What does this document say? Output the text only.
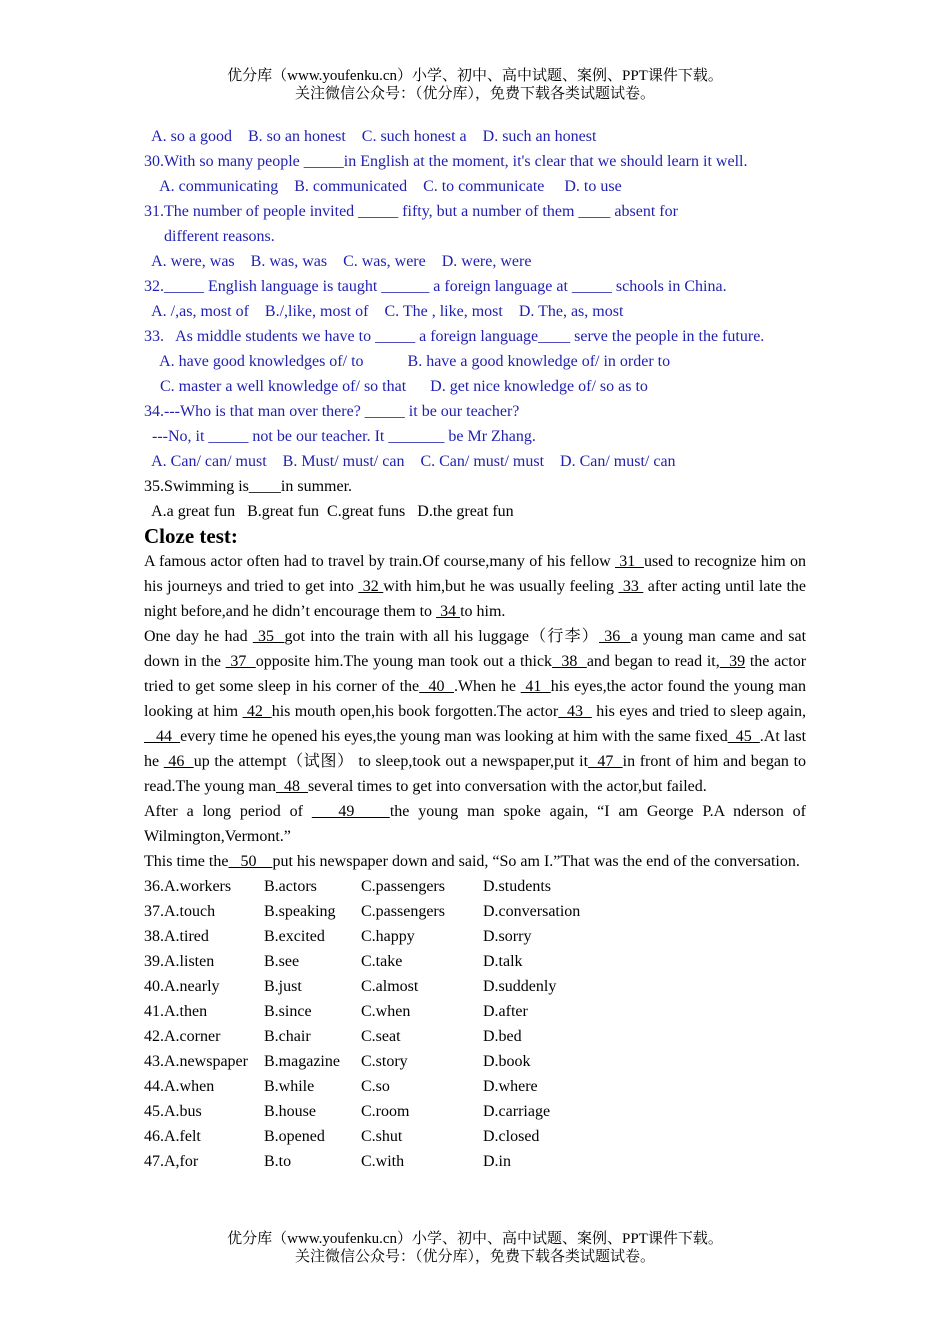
优分库（www.youfenku.cn）小学、初中、高中试题、案例、PPT课件下载。
关注微信公众号：（优分库），免费下载各类试题试卷。
A. so a good    B. so an honest    C. such honest a    D. such an honest
30.With so many people _____in English at the moment, it's clear that we should learn it well.
A. communicating    B. communicated    C. to communicate     D. to use
31.The number of people invited _____ fifty, but a number of them ____ absent for
different reasons.
A. were, was    B. was, was    C. was, were    D. were, were
32._____ English language is taught ______ a foreign language at _____ schools in China.
A. /,as, most of    B./,like, most of    C. The , like, most    D. The, as, most
33.   As middle students we have to _____ a foreign language____ serve the people in the future.
A. have good knowledges of/ to           B. have a good knowledge of/ in order to
C. master a well knowledge of/ so that      D. get nice knowledge of/ so as to
34.---Who is that man over there? _____ it be our teacher?
---No, it _____ not be our teacher. It _______ be Mr Zhang.
A. Can/ can/ must    B. Must/ must/ can    C. Can/ must/ must    D. Can/ must/ can
35.Swimming is____in summer.
A.a great fun   B.great fun  C.great funs   D.the great fun
Cloze test:
A famous actor often had to travel by train.Of course,many of his fellow  31  used to recognize him on his journeys and tried to get into  32 with him,but he was usually feeling  33  after acting until late the night before,and he didn’t encourage them to  34 to him.
One day he had  35  got into the train with all his luggage（行李） 36  a young man came and sat down in the  37  opposite him.The young man took out a thick  38  and began to read it,  39 the actor tried to get some sleep in his corner of the  40  .When he  41  his eyes,the actor found the young man looking at him  42  his mouth open,his book forgotten.The actor  43   his eyes and tried to sleep again,   44  every time he opened his eyes,the young man was looking at him with the same fixed  45  .At last he  46  up the attempt（试图） to sleep,took out a newspaper,put it  47  in front of him and began to read.The young man  48  several times to get into conversation with the actor,but failed.
After a long period of    49    the young man spoke again, “I am George P.A nderson of Wilmington,Vermont.”
This time the   50    put his newspaper down and said, “So am I.”That was the end of the conversation.
36.A.workers	B.actors	C.passengers	D.students
37.A.touch	B.speaking	C.passengers	D.conversation
38.A.tired	B.excited	C.happy	D.sorry
39.A.listen	B.see	C.take	D.talk
40.A.nearly	B.just	C.almost	D.suddenly
41.A.then	B.since	C.when	D.after
42.A.corner	B.chair	C.seat	D.bed
43.A.newspaper	B.magazine	C.story	D.book
44.A.when	B.while	C.so	D.where
45.A.bus	B.house	C.room	D.carriage
46.A.felt	B.opened	C.shut	D.closed
47.A,for	B.to	C.with	D.in
优分库（www.youfenku.cn）小学、初中、高中试题、案例、PPT课件下载。
关注微信公众号：（优分库），免费下载各类试题试卷。
